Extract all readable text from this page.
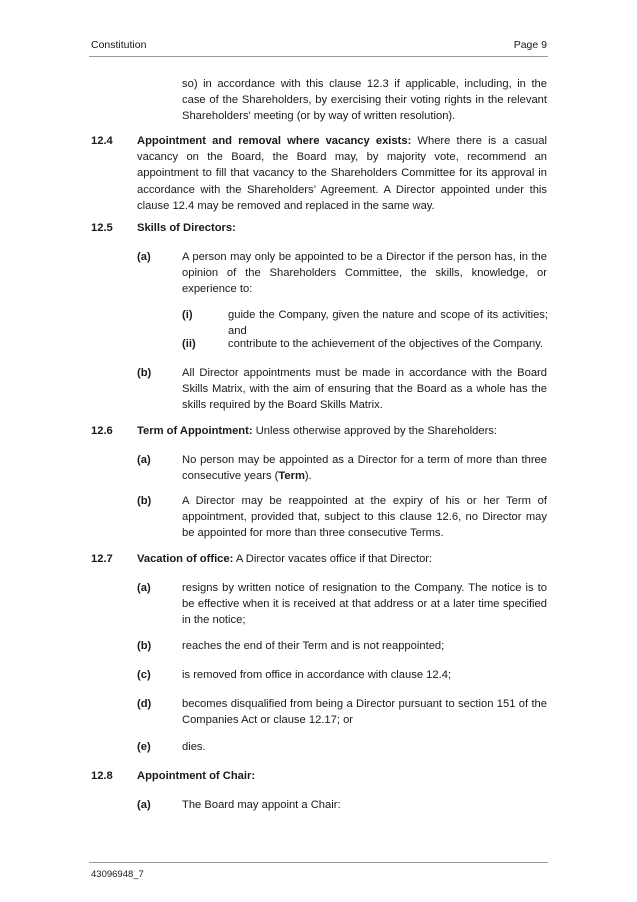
Constitution	Page 9

so) in accordance with this clause 12.3 if applicable, including, in the case of the Shareholders, by exercising their voting rights in the relevant Shareholders' meeting (or by way of written resolution).

12.4 Appointment and removal where vacancy exists: Where there is a casual vacancy on the Board, the Board may, by majority vote, recommend an appointment to fill that vacancy to the Shareholders Committee for its approval in accordance with the Shareholders’ Agreement. A Director appointed under this clause 12.4 may be removed and replaced in the same way.

12.5 Skills of Directors:
(a)	A person may only be appointed to be a Director if the person has, in the opinion of the Shareholders Committee, the skills, knowledge, or experience to:

(i)	guide the Company, given the nature and scope of its activities; and

(ii)	contribute to the achievement of the objectives of the Company.

(b)	All Director appointments must be made in accordance with the Board Skills Matrix, with the aim of ensuring that the Board as a whole has the skills required by the Board Skills Matrix.

12.6 Term of Appointment: Unless otherwise approved by the Shareholders:

(a)	No person may be appointed as a Director for a term of more than three consecutive years (Term).

(b)	A Director may be reappointed at the expiry of his or her Term of appointment, provided that, subject to this clause 12.6, no Director may be appointed for more than three consecutive Terms.

12.7 Vacation of office: A Director vacates office if that Director:

(a)	resigns by written notice of resignation to the Company. The notice is to be effective when it is received at that address or at a later time specified in the notice;

(b)	reaches the end of their Term and is not reappointed;

(c)	is removed from office in accordance with clause 12.4;

(d)	becomes disqualified from being a Director pursuant to section 151 of the Companies Act or clause 12.17; or

(e)	dies.

12.8 Appointment of Chair:
(a)	The Board may appoint a Chair:

43096948_7
